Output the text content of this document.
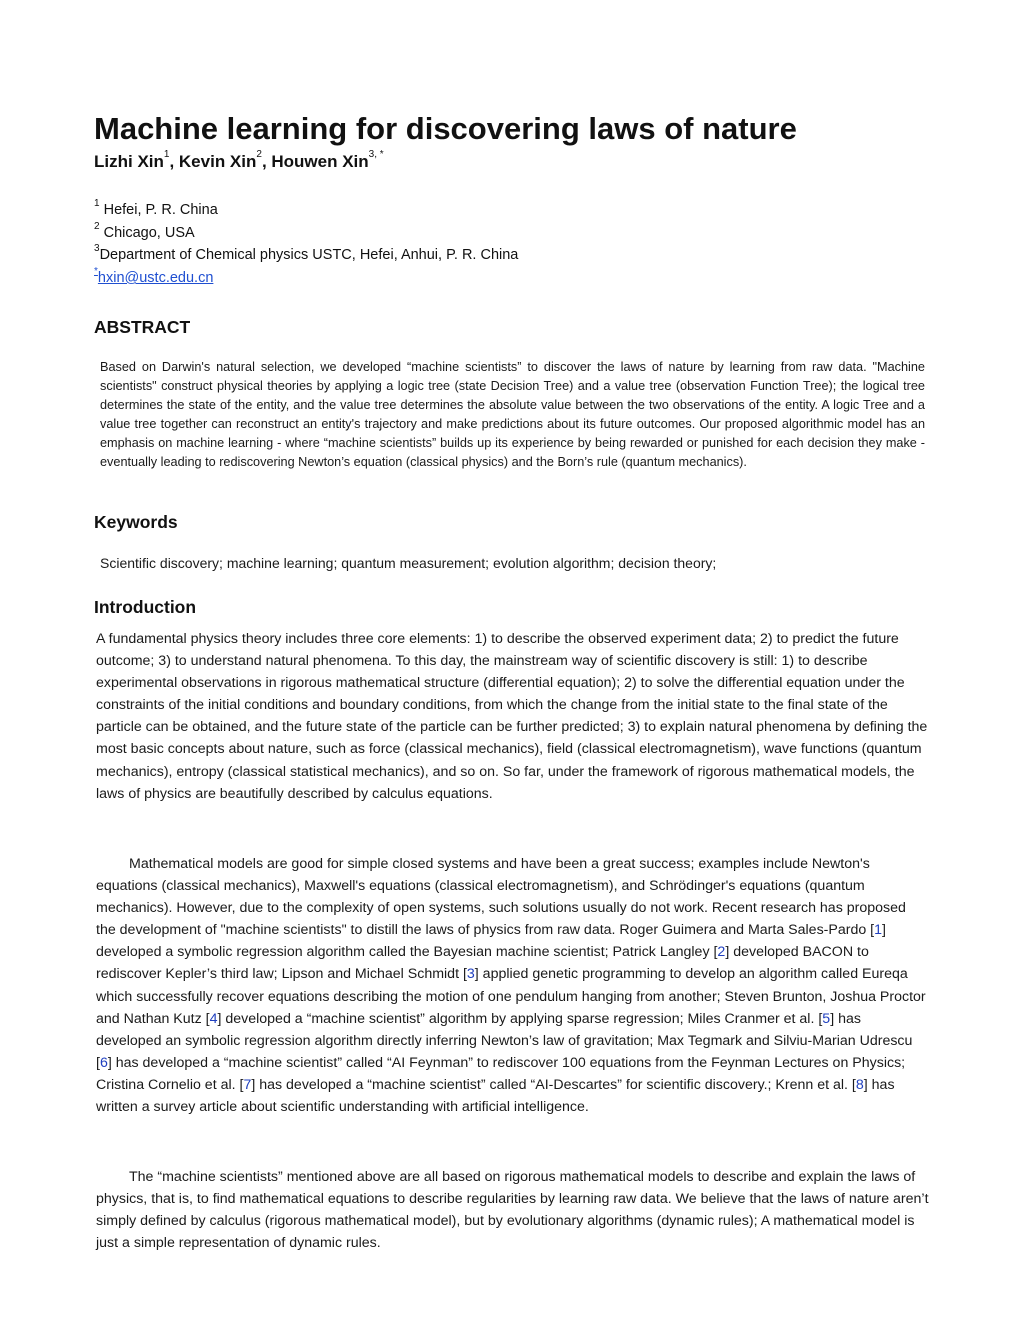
Machine learning for discovering laws of nature
Lizhi Xin$^1$, Kevin Xin$^2$, Houwen Xin$^{3, *}$
$^1$ Hefei, P. R. China
$^2$ Chicago, USA
$^3$Department of Chemical physics USTC, Hefei, Anhui, P. R. China
*hxin@ustc.edu.cn
ABSTRACT
Based on Darwin's natural selection, we developed “machine scientists” to discover the laws of nature by learning from raw data. "Machine scientists" construct physical theories by applying a logic tree (state Decision Tree) and a value tree (observation Function Tree); the logical tree determines the state of the entity, and the value tree determines the absolute value between the two observations of the entity. A logic Tree and a value tree together can reconstruct an entity's trajectory and make predictions about its future outcomes. Our proposed algorithmic model has an emphasis on machine learning - where “machine scientists” builds up its experience by being rewarded or punished for each decision they make - eventually leading to rediscovering Newton’s equation (classical physics) and the Born’s rule (quantum mechanics).
Keywords
Scientific discovery; machine learning; quantum measurement; evolution algorithm; decision theory;
Introduction
A fundamental physics theory includes three core elements: 1) to describe the observed experiment data; 2) to predict the future outcome; 3) to understand natural phenomena. To this day, the mainstream way of scientific discovery is still: 1) to describe experimental observations in rigorous mathematical structure (differential equation); 2) to solve the differential equation under the constraints of the initial conditions and boundary conditions, from which the change from the initial state to the final state of the particle can be obtained, and the future state of the particle can be further predicted; 3) to explain natural phenomena by defining the most basic concepts about nature, such as force (classical mechanics), field (classical electromagnetism), wave functions (quantum mechanics), entropy (classical statistical mechanics), and so on. So far, under the framework of rigorous mathematical models, the laws of physics are beautifully described by calculus equations.
Mathematical models are good for simple closed systems and have been a great success; examples include Newton's equations (classical mechanics), Maxwell's equations (classical electromagnetism), and Schrödinger's equations (quantum mechanics). However, due to the complexity of open systems, such solutions usually do not work. Recent research has proposed the development of "machine scientists" to distill the laws of physics from raw data. Roger Guimera and Marta Sales-Pardo [1] developed a symbolic regression algorithm called the Bayesian machine scientist; Patrick Langley [2] developed BACON to rediscover Kepler’s third law; Lipson and Michael Schmidt [3] applied genetic programming to develop an algorithm called Eureqa which successfully recover equations describing the motion of one pendulum hanging from another; Steven Brunton, Joshua Proctor and Nathan Kutz [4] developed a “machine scientist” algorithm by applying sparse regression; Miles Cranmer et al. [5] has developed an symbolic regression algorithm directly inferring Newton’s law of gravitation; Max Tegmark and Silviu-Marian Udrescu [6] has developed a “machine scientist” called “AI Feynman” to rediscover 100 equations from the Feynman Lectures on Physics; Cristina Cornelio et al. [7] has developed a “machine scientist” called “AI-Descartes” for scientific discovery.; Krenn et al. [8] has written a survey article about scientific understanding with artificial intelligence.
The “machine scientists” mentioned above are all based on rigorous mathematical models to describe and explain the laws of physics, that is, to find mathematical equations to describe regularities by learning raw data. We believe that the laws of nature aren’t simply defined by calculus (rigorous mathematical model), but by evolutionary algorithms (dynamic rules); A mathematical model is just a simple representation of dynamic rules.
